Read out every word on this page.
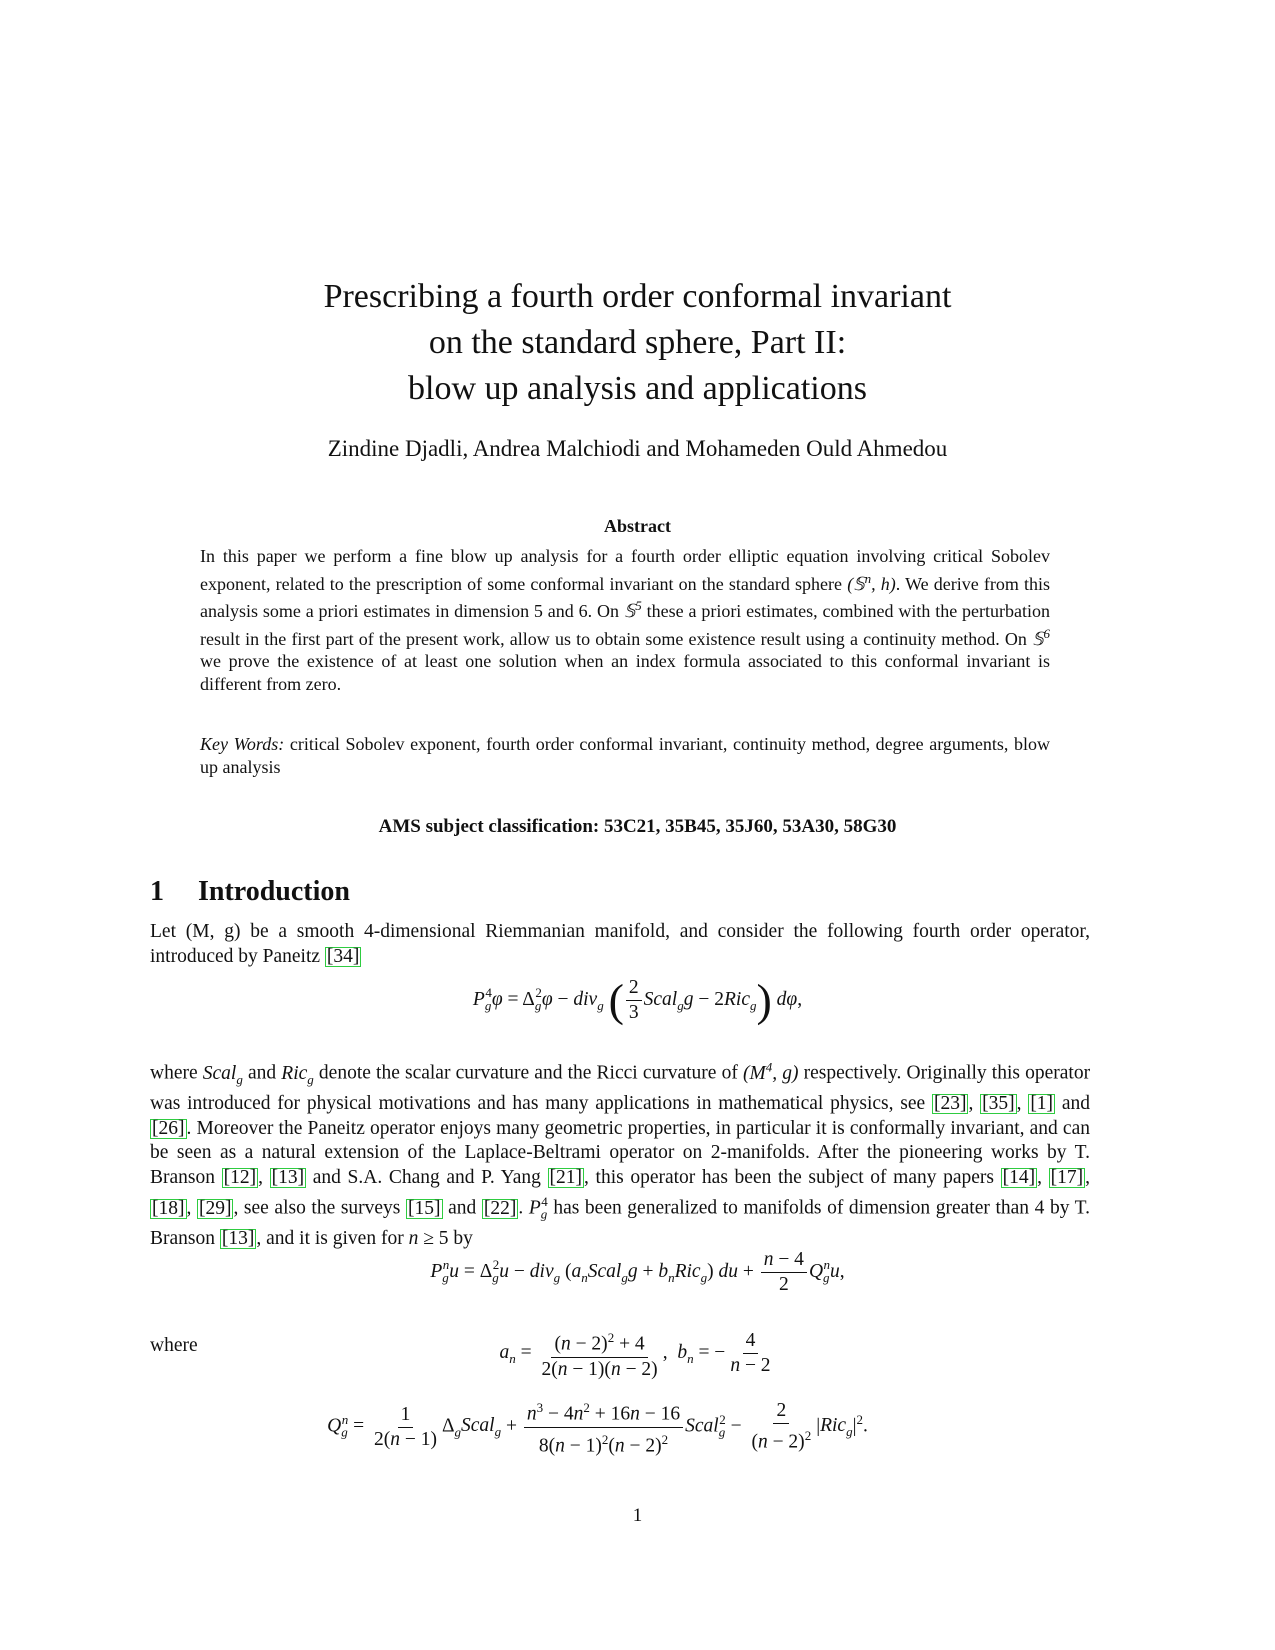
Prescribing a fourth order conformal invariant
on the standard sphere, Part II:
blow up analysis and applications
Zindine Djadli, Andrea Malchiodi and Mohameden Ould Ahmedou
Abstract
In this paper we perform a fine blow up analysis for a fourth order elliptic equation involving critical Sobolev exponent, related to the prescription of some conformal invariant on the standard sphere (𝕊$^n$, h). We derive from this analysis some a priori estimates in dimension 5 and 6. On 𝕊$^5$ these a priori estimates, combined with the perturbation result in the first part of the present work, allow us to obtain some existence result using a continuity method. On 𝕊$^6$ we prove the existence of at least one solution when an index formula associated to this conformal invariant is different from zero.
Key Words: critical Sobolev exponent, fourth order conformal invariant, continuity method, degree arguments, blow up analysis
AMS subject classification: 53C21, 35B45, 35J60, 53A30, 58G30
1 Introduction
Let (M, g) be a smooth 4-dimensional Riemmanian manifold, and consider the following fourth order operator, introduced by Paneitz [34]
$P_g^4\varphi = \Delta_g^2\varphi - div_g$ ( $\frac{2}{3}$ Scal$_g$g − 2Ric$_g$) dφ,
where Scal$_g$ and Ric$_g$ denote the scalar curvature and the Ricci curvature of ($M^4$, g) respectively. Originally this operator was introduced for physical motivations and has many applications in mathematical physics, see [23] , [35] , [1] and [26] . Moreover the Paneitz operator enjoys many geometric properties, in particular it is conformally invariant, and can be seen as a natural extension of the Laplace-Beltrami operator on 2-manifolds. After the pioneering works by T. Branson [12] , [13] and S.A. Chang and P. Yang [21] , this operator has been the subject of many papers [14] , [17] , [18] , [29] , see also the surveys [15] and [22] . $P_g^4$ has been generalized to manifolds of dimension greater than 4 by T. Branson [13] , and it is given for n ≥ 5 by
$P_g^nu = \Delta_g^2u - div_g$ $(a_nScal_gg + b_nRic_g)$ du + $\frac{n - 4}{2} Q_g^nu$,
where	$a_n = \frac{(n - 2)^2 + 4}{2(n - 1)(n - 2)}$ ,  $b_n$ = − $\frac{4}{n - 2}$
$Q_g^n = \frac{1}{2(n - 1)}$ $\Delta_gScal_g + \frac{n^3 - 4n^2 + 16n - 16}{8(n - 1)^2(n - 2)^2}$ Scal$_g^2$ − $\frac{2}{(n - 2)^2} |Ric_g|^2$.
1
